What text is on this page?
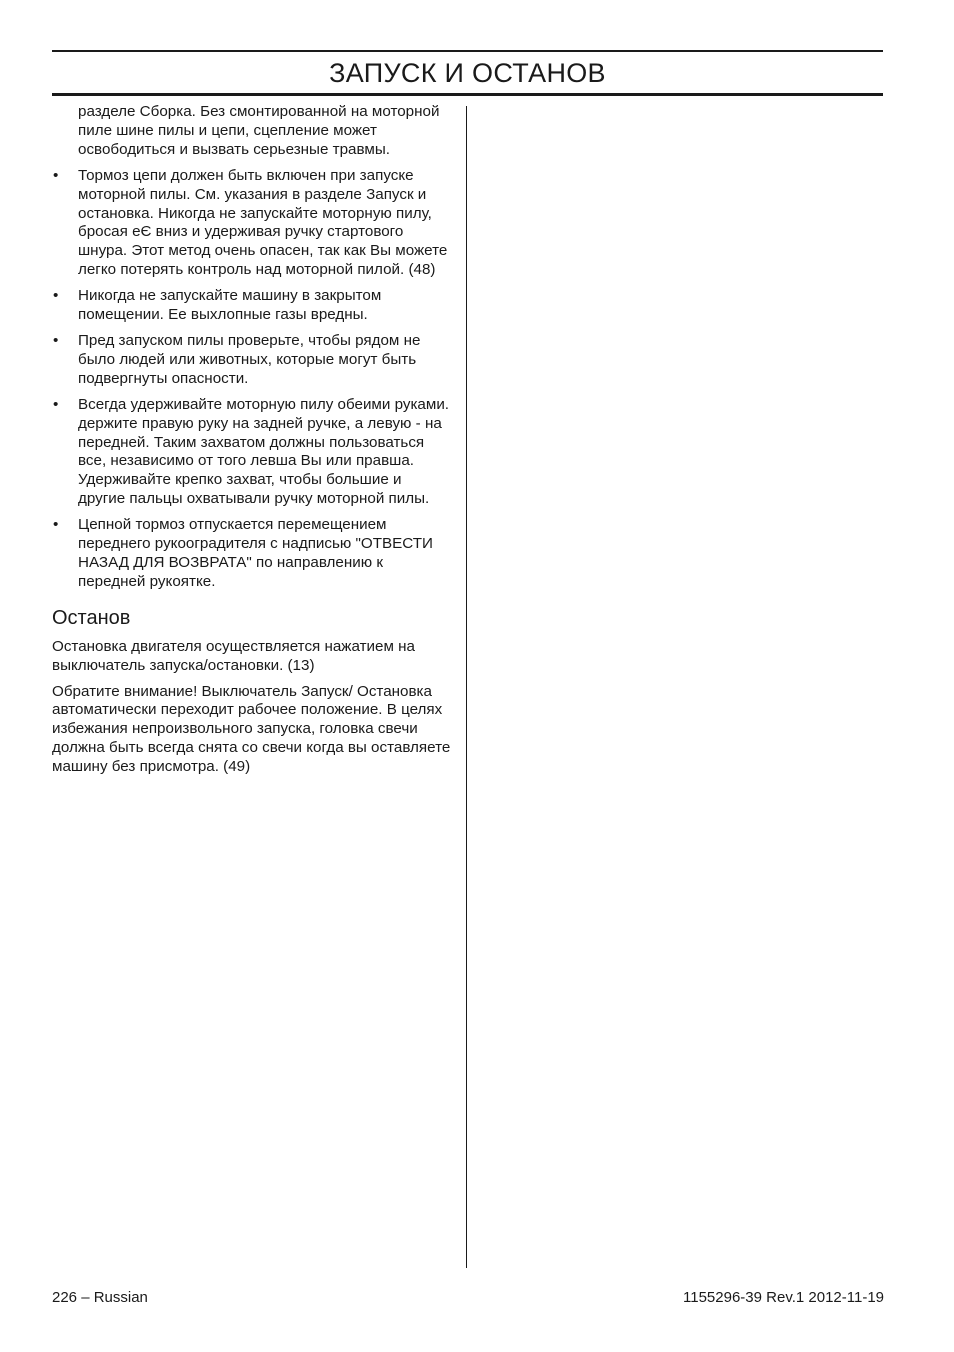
ЗАПУСК И ОСТАНОВ

разделе Сборка. Без смонтированной на моторной пиле шине пилы и цепи, сцепление может освободиться и вызвать серьезные травмы.

• Тормоз цепи должен быть включен при запуске моторной пилы. См. указания в разделе Запуск и остановка. Никогда не запускайте моторную пилу, бросая eЄ вниз и удерживая ручку стартового шнура. Этот метод очень опасен, так как Вы можете легко потерять контроль над моторной пилой. (48)
• Никогда не запускайте машину в закрытом помещении. Ее выхлопные газы вредны.
• Пред запуском пилы проверьте, чтобы рядом не было людей или животных, которые могут быть подвергнуты опасности.
• Всегда удерживайте моторную пилу обеими руками. держите правую руку на задней ручке, а левую - на передней. Таким захватом должны пользоваться все, независимо от того левша Вы или правша. Удерживайте крепко захват, чтобы большие и другие пальцы охватывали ручку моторной пилы.
• Цепной тормоз отпускается перемещением переднего рукоoградителя с надписью "ОТВЕСТИ НАЗАД ДЛЯ ВОЗВРАТА" по направлению к передней рукоятке.
Останов

Остановка двигателя осуществляется нажатием на выключатель запуска/остановки. (13)

Обратите внимание! Выключатель Запуск/ Остановка автоматически переходит рабочее положение. В целях избежания непроизвольного запуска, головка свечи должна быть всегда снята со свечи когда вы оставляете машину без присмотра. (49)

226 – Russian	1155296-39 Rev.1 2012-11-19
